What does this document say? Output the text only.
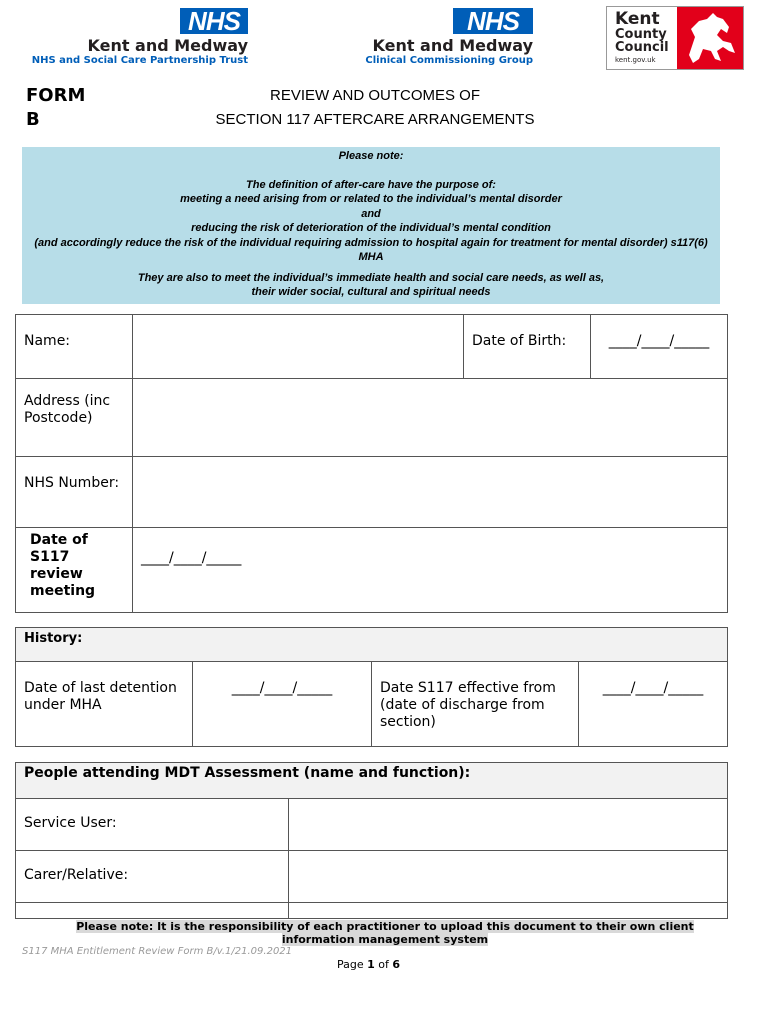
NHS
Kent and Medway
NHS and Social Care Partnership Trust
NHS
Kent and Medway
Clinical Commissioning Group
Kent
County
Council
kent.gov.uk
FORM
B
REVIEW AND OUTCOMES OF
SECTION 117 AFTERCARE ARRANGEMENTS

Please note:

The definition of after-care have the purpose of:

meeting a need arising from or related to the individual’s mental disorder

and

reducing the risk of deterioration of the individual’s mental condition

(and accordingly reduce the risk of the individual requiring admission to hospital again for treatment for mental disorder) s117(6) MHA

They are also to meet the individual’s immediate health and social care needs, as well as,

their wider social, cultural and spiritual needs

Name:		Date of Birth:	____/____/_____
Address (inc Postcode)			
NHS Number:			
Date of S117 review meeting	____/____/_____		
History:
Date of last detention under MHA	____/____/_____	Date S117 effective from (date of discharge from section)	____/____/_____
People attending MDT Assessment (name and function):	
Service User:	
Carer/Relative:	

Please note: It is the responsibility of each practitioner to upload this document to their own client
information management system
S117 MHA Entitlement Review Form B/v.1/21.09.2021
Page 1 of 6
